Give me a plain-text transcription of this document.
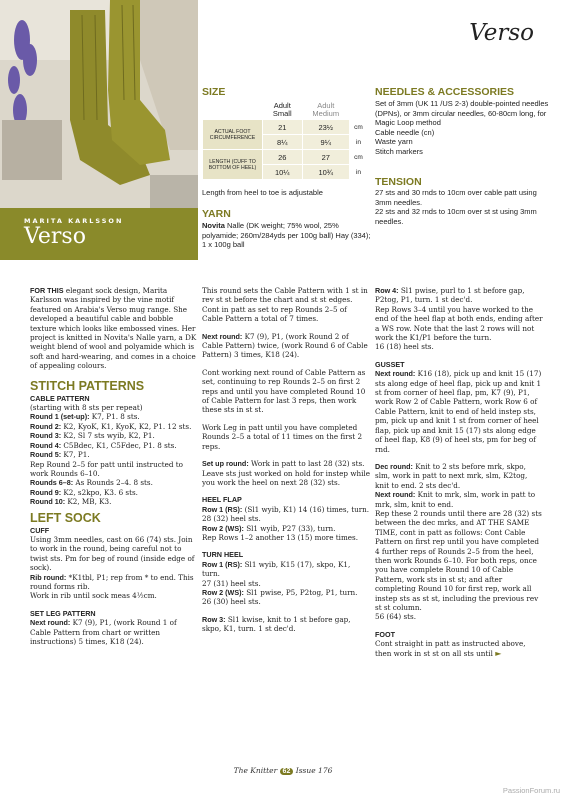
MARITA KARLSSON
Verso
Verso
SIZE
	Adult Small	Adult Medium	
ACTUAL FOOT CIRCUMFERENCE	21	23½	cm
	8¼	9¼	in
LENGTH (CUFF TO BOTTOM OF HEEL)	26	27	cm
	10¼	10¾	in
Length from heel to toe is adjustable
YARN
Novita Nalle (DK weight; 75% wool, 25% polyamide; 260m/284yds per 100g ball) Hay (334); 1 x 100g ball
NEEDLES & ACCESSORIES
Set of 3mm (UK 11 /US 2-3) double-pointed needles (DPNs), or 3mm circular needles, 60-80cm long, for Magic Loop method
Cable needle (cn)
Waste yarn
Stitch markers
TENSION
27 sts and 30 rnds to 10cm over cable patt using 3mm needles.
22 sts and 32 rnds to 10cm over st st using 3mm needles.

FOR THIS elegant sock design, Marita Karlsson was inspired by the vine motif featured on Arabia's Verso mug range. She developed a beautiful cable and bobble texture which looks like embossed vines. Her project is knitted in Novita's Nalle yarn, a DK weight blend of wool and polyamide which is soft and hard-wearing, and comes in a choice of appealing colours.

STITCH PATTERNS

CABLE PATTERN

(starting with 8 sts per repeat)

Round 1 (set-up): K7, P1. 8 sts.

Round 2: K2, KyoK, K1, KyoK, K2, P1. 12 sts.

Round 3: K2, Sl 7 sts wyib, K2, P1.

Round 4: C5Bdec, K1, C5Fdec, P1. 8 sts.

Round 5: K7, P1.

Rep Round 2–5 for patt until instructed to work Rounds 6–10.

Rounds 6–8: As Rounds 2–4. 8 sts.

Round 9: K2, s2kpo, K3. 6 sts.

Round 10: K2, MB, K3.

LEFT SOCK

CUFF

Using 3mm needles, cast on 66 (74) sts. Join to work in the round, being careful not to twist sts. Pm for beg of round (inside edge of sock).

Rib round: *K1tbl, P1; rep from * to end. This round forms rib.

Work in rib until sock meas 4½cm.

SET LEG PATTERN

Next round: K7 (9), P1, (work Round 1 of Cable Pattern from chart or written instructions) 5 times, K18 (24).

This round sets the Cable Pattern with 1 st in rev st st before the chart and st st edges.

Cont in patt as set to rep Rounds 2–5 of Cable Pattern a total of 7 times.

Next round: K7 (9), P1, (work Round 2 of Cable Pattern) twice, (work Round 6 of Cable Pattern) 3 times, K18 (24).

Cont working next round of Cable Pattern as set, continuing to rep Rounds 2–5 on first 2 reps and until you have completed Round 10 of Cable Pattern for last 3 reps, then work these sts in st st.

Work Leg in patt until you have completed Rounds 2–5 a total of 11 times on the first 2 reps.

Set up round: Work in patt to last 28 (32) sts. Leave sts just worked on hold for instep while you work the heel on next 28 (32) sts.

HEEL FLAP

Row 1 (RS): (Sl1 wyib, K1) 14 (16) times, turn.

28 (32) heel sts.

Row 2 (WS): Sl1 wyib, P27 (33), turn.

Rep Rows 1–2 another 13 (15) more times.

TURN HEEL

Row 1 (RS): Sl1 wyib, K15 (17), skpo, K1, turn.

27 (31) heel sts.

Row 2 (WS): Sl1 pwise, P5, P2tog, P1, turn.

26 (30) heel sts.

Row 3: Sl1 kwise, knit to 1 st before gap, skpo, K1, turn. 1 st dec'd.

Row 4: Sl1 pwise, purl to 1 st before gap, P2tog, P1, turn. 1 st dec'd.

Rep Rows 3–4 until you have worked to the end of the heel flap at both ends, ending after a WS row. Note that the last 2 rows will not work the K1/P1 before the turn.

16 (18) heel sts.

GUSSET

Next round: K16 (18), pick up and knit 15 (17) sts along edge of heel flap, pick up and knit 1 st from corner of heel flap, pm, K7 (9), P1, work Row 2 of Cable Pattern, work Row 6 of Cable Pattern, knit to end of held instep sts, pm, pick up and knit 1 st from corner of heel flap, pick up and knit 15 (17) sts along edge of heel flap, K8 (9) of heel sts, pm for beg of rnd.

Dec round: Knit to 2 sts before mrk, skpo, slm, work in patt to next mrk, slm, K2tog, knit to end. 2 sts dec'd.

Next round: Knit to mrk, slm, work in patt to mrk, slm, knit to end.

Rep these 2 rounds until there are 28 (32) sts between the dec mrks, and AT THE SAME TIME, cont in patt as follows: Cont Cable Pattern on first rep until you have completed 4 further reps of Rounds 2–5 from the heel, then work Rounds 6–10. For both reps, once you have complete Round 10 of Cable Pattern, work sts in st st; and after completing Round 10 for first rep, work all instep sts as st st, including the previous rev st st column.

56 (64) sts.

FOOT

Cont straight in patt as instructed above, then work in st st on all sts until ►

The Knitter 62 Issue 176
PassionForum.ru
